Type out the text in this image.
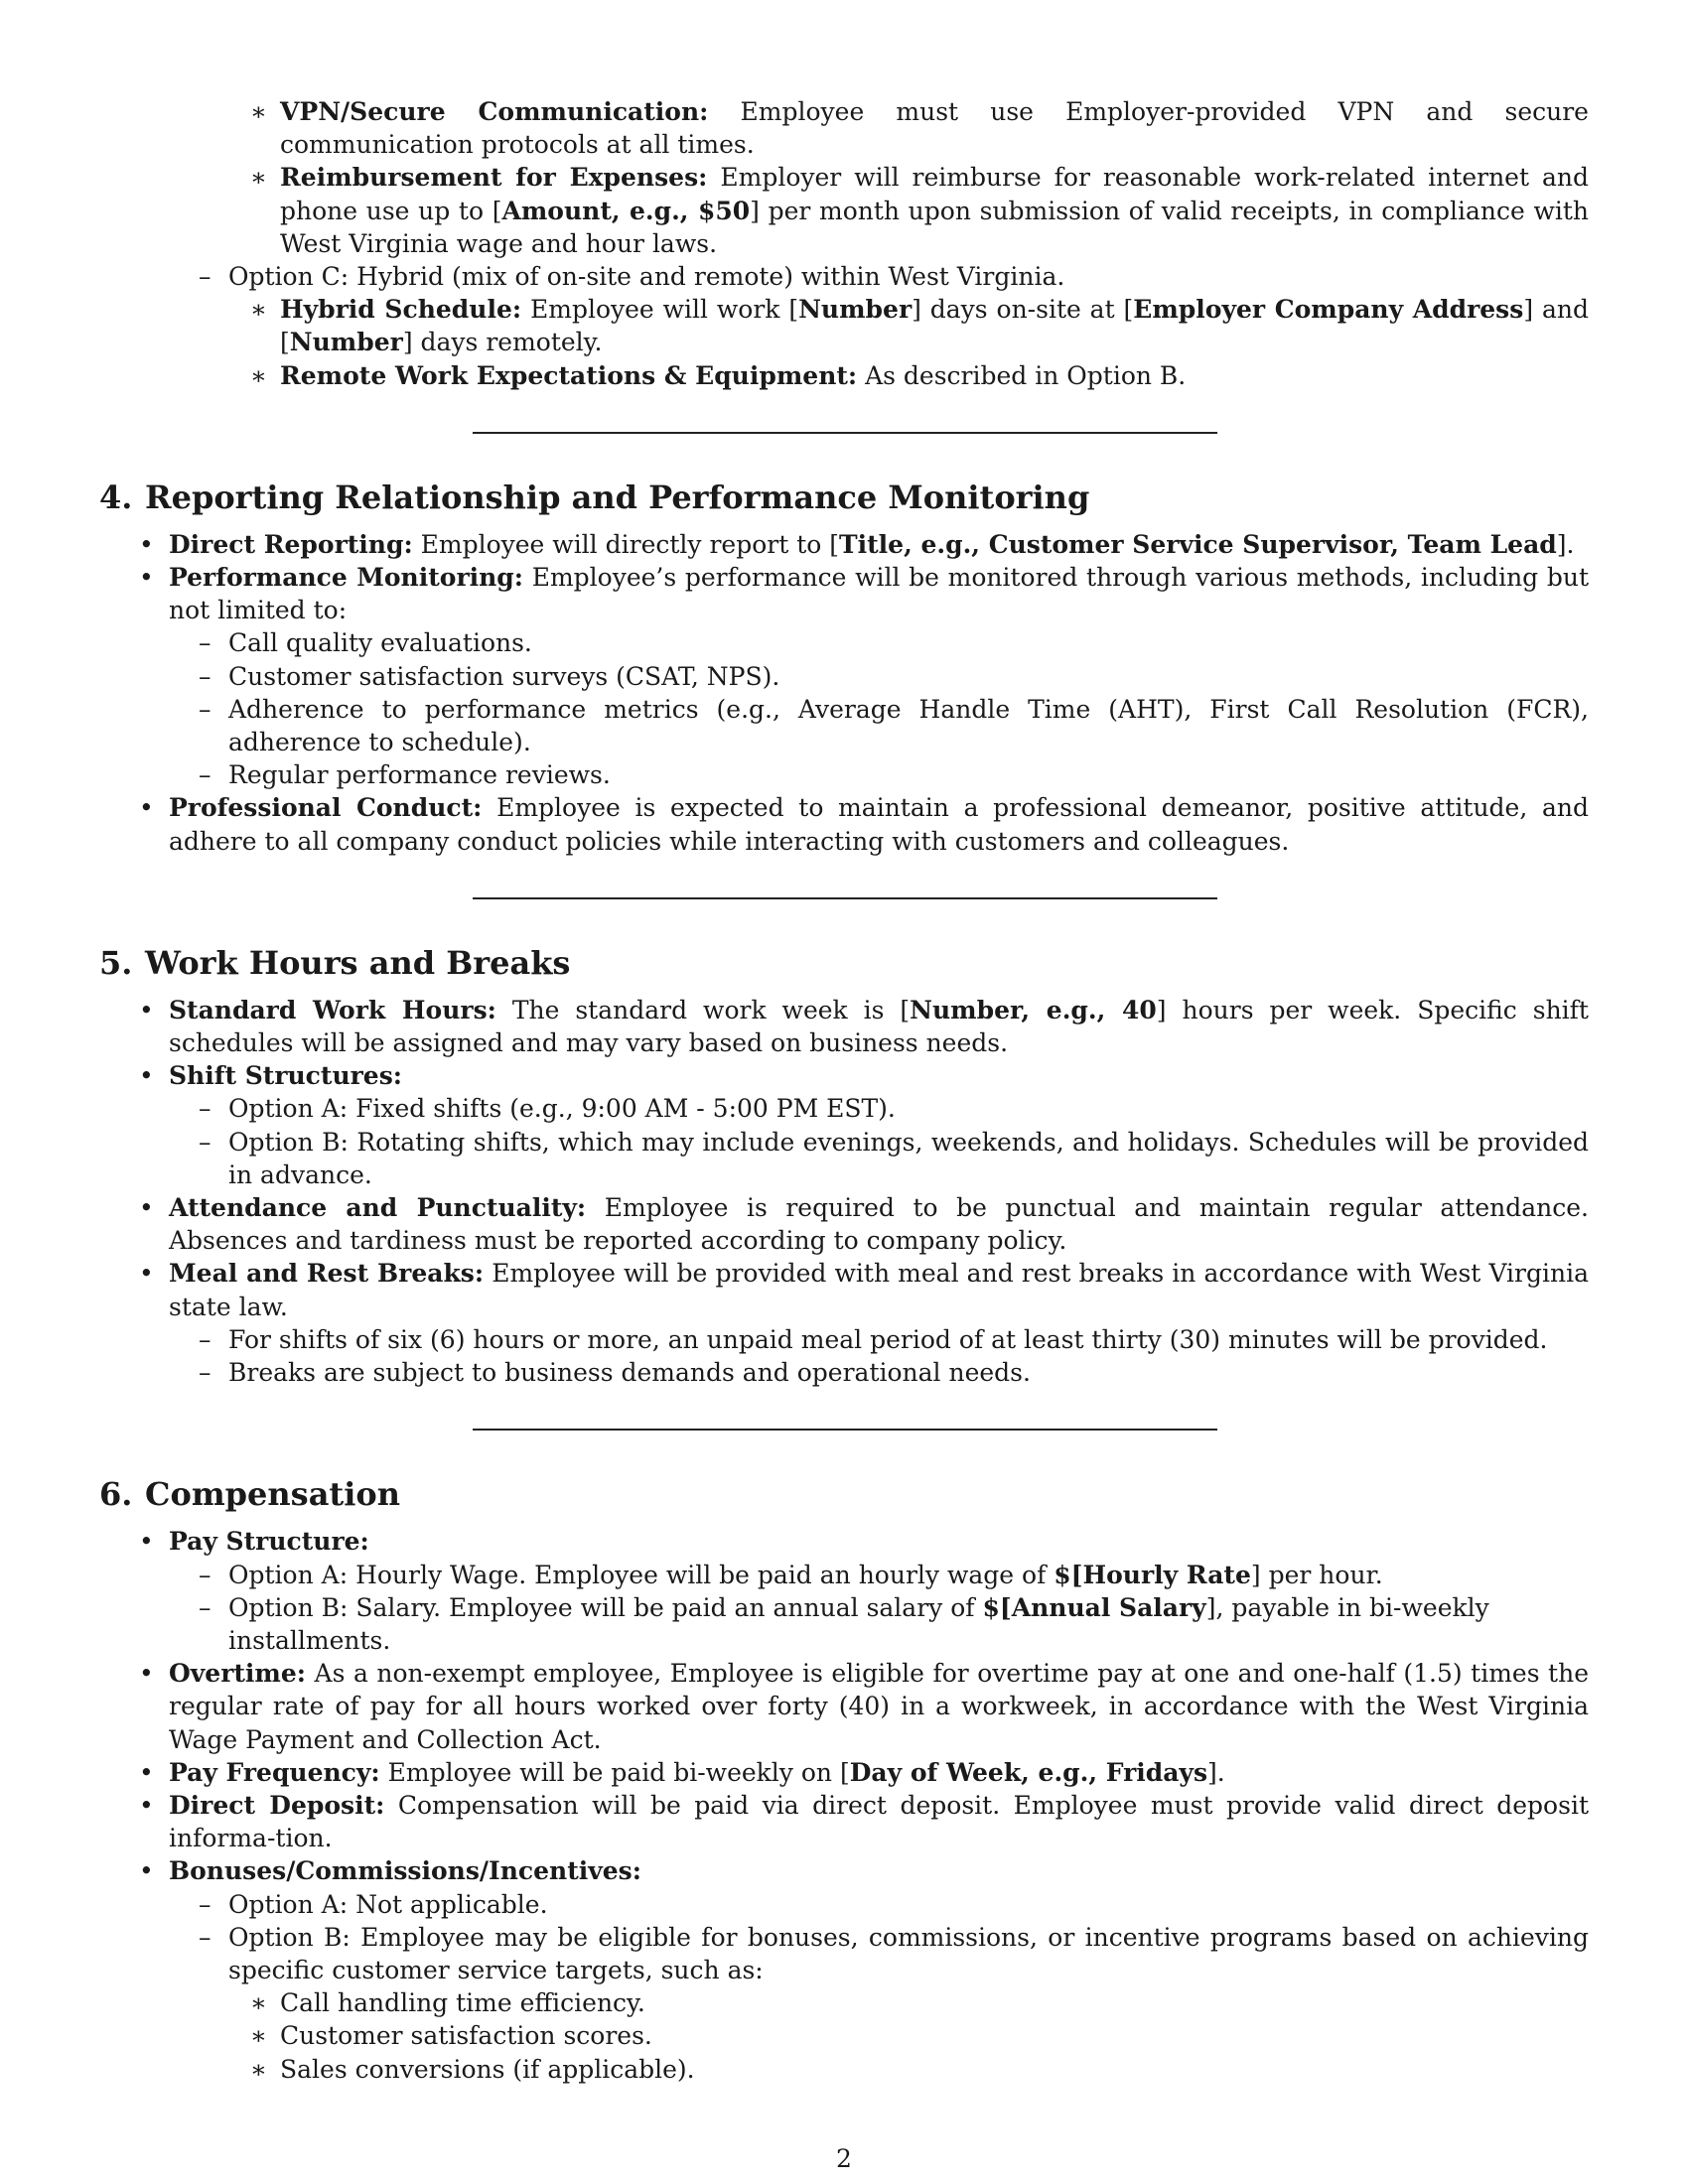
∗ VPN/Secure Communication: Employee must use Employer-provided VPN and secure communication protocols at all times.
∗ Reimbursement for Expenses: Employer will reimburse for reasonable work-related internet and phone use up to [Amount, e.g., $50] per month upon submission of valid receipts, in compliance with West Virginia wage and hour laws.
– Option C: Hybrid (mix of on-site and remote) within West Virginia.
∗ Hybrid Schedule: Employee will work [Number] days on-site at [Employer Company Address] and [Number] days remotely.
∗ Remote Work Expectations & Equipment: As described in Option B.
4. Reporting Relationship and Performance Monitoring
• Direct Reporting: Employee will directly report to [Title, e.g., Customer Service Supervisor, Team Lead].
• Performance Monitoring: Employee’s performance will be monitored through various methods, including but not limited to:
– Call quality evaluations.
– Customer satisfaction surveys (CSAT, NPS).
– Adherence to performance metrics (e.g., Average Handle Time (AHT), First Call Resolution (FCR), adherence to schedule).
– Regular performance reviews.
• Professional Conduct: Employee is expected to maintain a professional demeanor, positive attitude, and adhere to all company conduct policies while interacting with customers and colleagues.
5. Work Hours and Breaks
• Standard Work Hours: The standard work week is [Number, e.g., 40] hours per week. Specific shift schedules will be assigned and may vary based on business needs.
• Shift Structures:
– Option A: Fixed shifts (e.g., 9:00 AM - 5:00 PM EST).
– Option B: Rotating shifts, which may include evenings, weekends, and holidays. Schedules will be provided in advance.
• Attendance and Punctuality: Employee is required to be punctual and maintain regular attendance. Absences and tardiness must be reported according to company policy.
• Meal and Rest Breaks: Employee will be provided with meal and rest breaks in accordance with West Virginia state law.
– For shifts of six (6) hours or more, an unpaid meal period of at least thirty (30) minutes will be provided.
– Breaks are subject to business demands and operational needs.
6. Compensation
• Pay Structure:
– Option A: Hourly Wage. Employee will be paid an hourly wage of $[Hourly Rate] per hour.
– Option B: Salary. Employee will be paid an annual salary of $[Annual Salary], payable in bi-weekly installments.
• Overtime: As a non-exempt employee, Employee is eligible for overtime pay at one and one-half (1.5) times the regular rate of pay for all hours worked over forty (40) in a workweek, in accordance with the West Virginia Wage Payment and Collection Act.
• Pay Frequency: Employee will be paid bi-weekly on [Day of Week, e.g., Fridays].
• Direct Deposit: Compensation will be paid via direct deposit. Employee must provide valid direct deposit informa-tion.
• Bonuses/Commissions/Incentives:
– Option A: Not applicable.
– Option B: Employee may be eligible for bonuses, commissions, or incentive programs based on achieving specific customer service targets, such as:
∗ Call handling time efficiency.
∗ Customer satisfaction scores.
∗ Sales conversions (if applicable).
2
